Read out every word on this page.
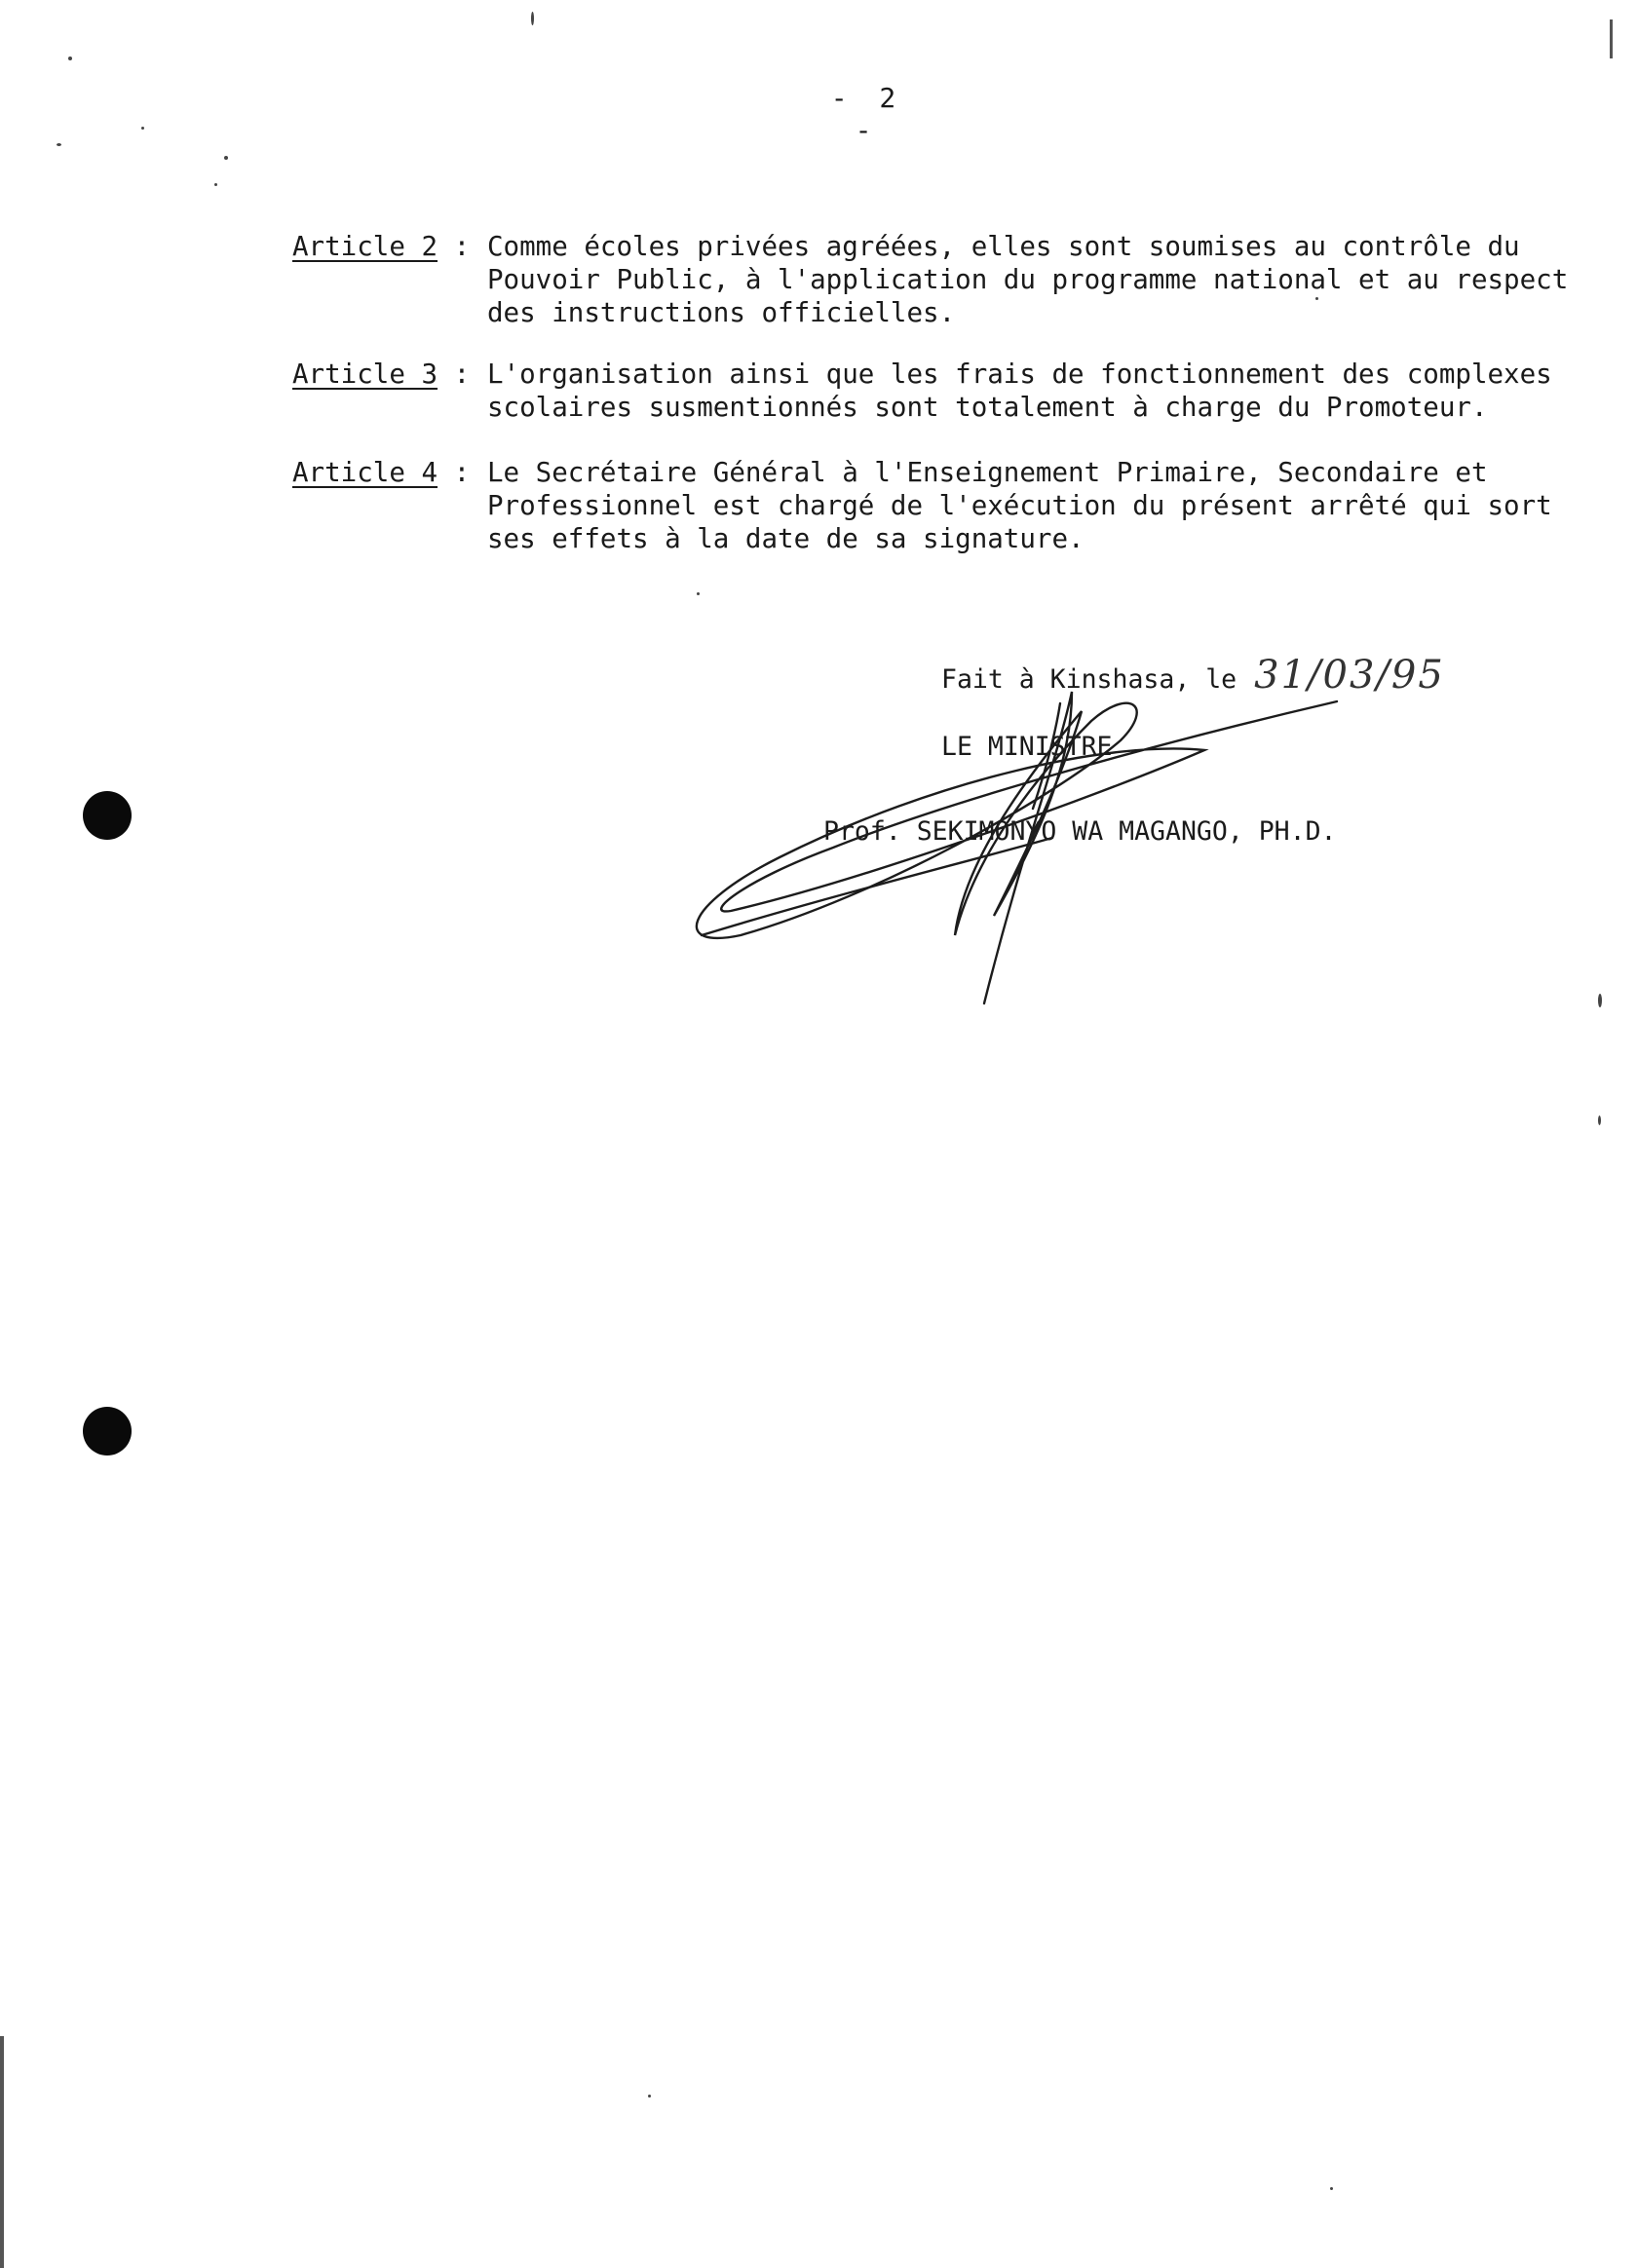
- 2 -
Article 2 : Comme écoles privées agréées, elles sont soumises au contrôle du
Pouvoir Public, à l'application du programme national et au respect
des instructions officielles.
Article 3 : L'organisation ainsi que les frais de fonctionnement des complexes
scolaires susmentionnés sont totalement à charge du Promoteur.
Article 4 : Le Secrétaire Général à l'Enseignement Primaire, Secondaire et
Professionnel est chargé de l'exécution du présent arrêté qui sort
ses effets à la date de sa signature.
Fait à Kinshasa, le 31/03/95
LE MINISTRE
Prof. SEKIMONYO WA MAGANGO, PH.D.
